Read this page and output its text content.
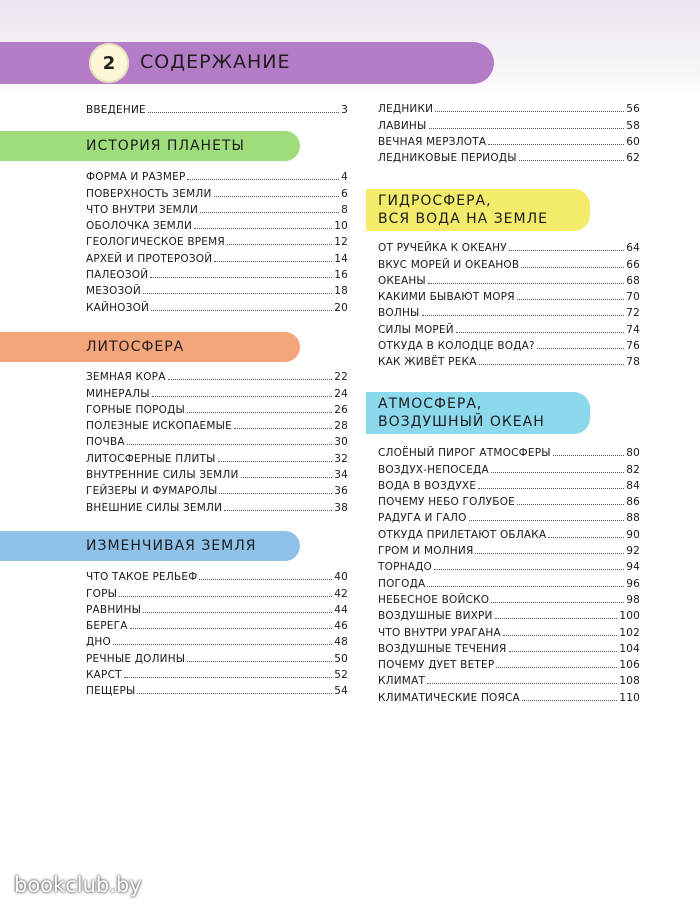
2 СОДЕРЖАНИЕ
ВВЕДЕНИЕ	3
ИСТОРИЯ ПЛАНЕТЫ
ФОРМА И РАЗМЕР	4
ПОВЕРХНОСТЬ ЗЕМЛИ	6
ЧТО ВНУТРИ ЗЕМЛИ	8
ОБОЛОЧКА ЗЕМЛИ	10
ГЕОЛОГИЧЕСКОЕ ВРЕМЯ	12
АРХЕЙ И ПРОТЕРОЗОЙ	14
ПАЛЕОЗОЙ	16
МЕЗОЗОЙ	18
КАЙНОЗОЙ	20
ЛИТОСФЕРА
ЗЕМНАЯ КОРА	22
МИНЕРАЛЫ	24
ГОРНЫЕ ПОРОДЫ	26
ПОЛЕЗНЫЕ ИСКОПАЕМЫЕ	28
ПОЧВА	30
ЛИТОСФЕРНЫЕ ПЛИТЫ	32
ВНУТРЕННИЕ СИЛЫ ЗЕМЛИ	34
ГЕЙЗЕРЫ И ФУМАРОЛЫ	36
ВНЕШНИЕ СИЛЫ ЗЕМЛИ	38
ИЗМЕНЧИВАЯ ЗЕМЛЯ
ЧТО ТАКОЕ РЕЛЬЕФ	40
ГОРЫ	42
РАВНИНЫ	44
БЕРЕГА	46
ДНО	48
РЕЧНЫЕ ДОЛИНЫ	50
КАРСТ	52
ПЕЩЕРЫ	54
ЛЕДНИКИ	56
ЛАВИНЫ	58
ВЕЧНАЯ МЕРЗЛОТА	60
ЛЕДНИКОВЫЕ ПЕРИОДЫ	62
ГИДРОСФЕРА,
ВСЯ ВОДА НА ЗЕМЛЕ
ОТ РУЧЕЙКА К ОКЕАНУ	64
ВКУС МОРЕЙ И ОКЕАНОВ	66
ОКЕАНЫ	68
КАКИМИ БЫВАЮТ МОРЯ	70
ВОЛНЫ	72
СИЛЫ МОРЕЙ	74
ОТКУДА В КОЛОДЦЕ ВОДА?	76
КАК ЖИВЁТ РЕКА	78
АТМОСФЕРА,
ВОЗДУШНЫЙ ОКЕАН
СЛОЁНЫЙ ПИРОГ АТМОСФЕРЫ	80
ВОЗДУХ-НЕПОСЕДА	82
ВОДА В ВОЗДУХЕ	84
ПОЧЕМУ НЕБО ГОЛУБОЕ	86
РАДУГА И ГАЛО	88
ОТКУДА ПРИЛЕТАЮТ ОБЛАКА	90
ГРОМ И МОЛНИЯ	92
ТОРНАДО	94
ПОГОДА	96
НЕБЕСНОЕ ВОЙСКО	98
ВОЗДУШНЫЕ ВИХРИ	100
ЧТО ВНУТРИ УРАГАНА	102
ВОЗДУШНЫЕ ТЕЧЕНИЯ	104
ПОЧЕМУ ДУЕТ ВЕТЕР	106
КЛИМАТ	108
КЛИМАТИЧЕСКИЕ ПОЯСА	110
bookclub.by
